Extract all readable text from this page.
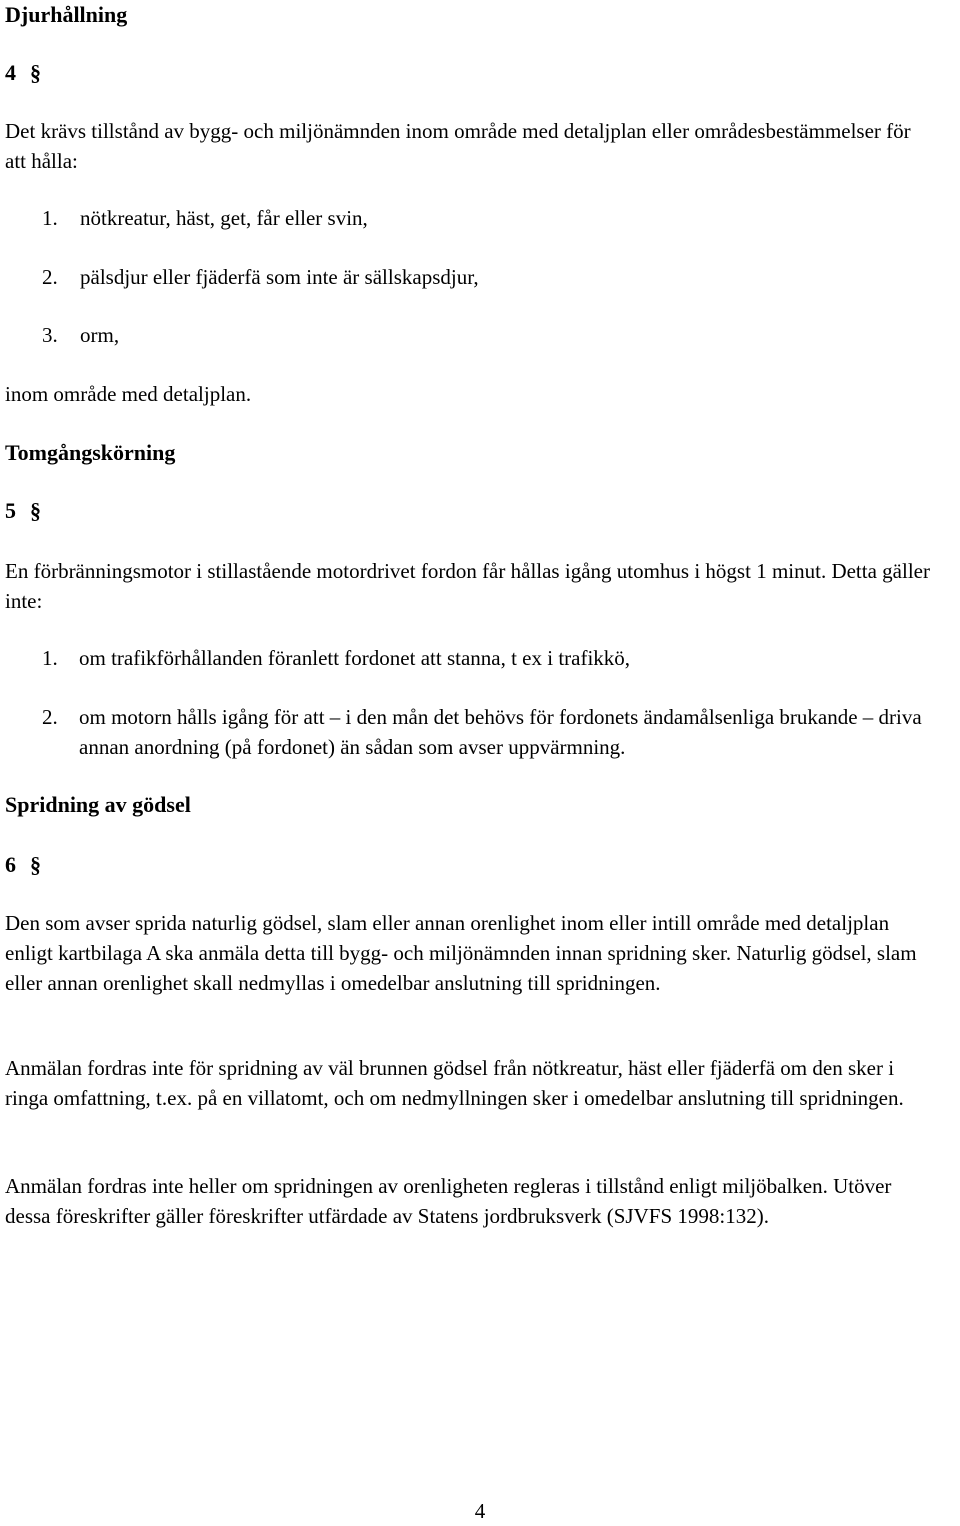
Djurhållning
4 §
Det krävs tillstånd av bygg- och miljönämnden inom område med detaljplan eller områdesbestämmelser för att hålla:
1. nötkreatur, häst, get, får eller svin,
2. pälsdjur eller fjäderfä som inte är sällskapsdjur,
3. orm,
inom område med detaljplan.
Tomgångskörning
5 §
En förbränningsmotor i stillastående motordrivet fordon får hållas igång utomhus i högst 1 minut. Detta gäller inte:
1.	om trafikförhållanden föranlett fordonet att stanna, t ex i trafikkö,
2.	om motorn hålls igång för att – i den mån det behövs för fordonets ändamålsenliga brukande – driva annan anordning (på fordonet) än sådan som avser uppvärmning.
Spridning av gödsel
6 §
Den som avser sprida naturlig gödsel, slam eller annan orenlighet inom eller intill område med detaljplan enligt kartbilaga A ska anmäla detta till bygg- och miljönämnden innan spridning sker. Naturlig gödsel, slam eller annan orenlighet skall nedmyllas i omedelbar anslutning till spridningen.
Anmälan fordras inte för spridning av väl brunnen gödsel från nötkreatur, häst eller fjäderfä om den sker i ringa omfattning, t.ex. på en villatomt, och om nedmyllningen sker i omedelbar anslutning till spridningen.
Anmälan fordras inte heller om spridningen av orenligheten regleras i tillstånd enligt miljöbalken. Utöver dessa föreskrifter gäller föreskrifter utfärdade av Statens jordbruksverk (SJVFS 1998:132).
4
